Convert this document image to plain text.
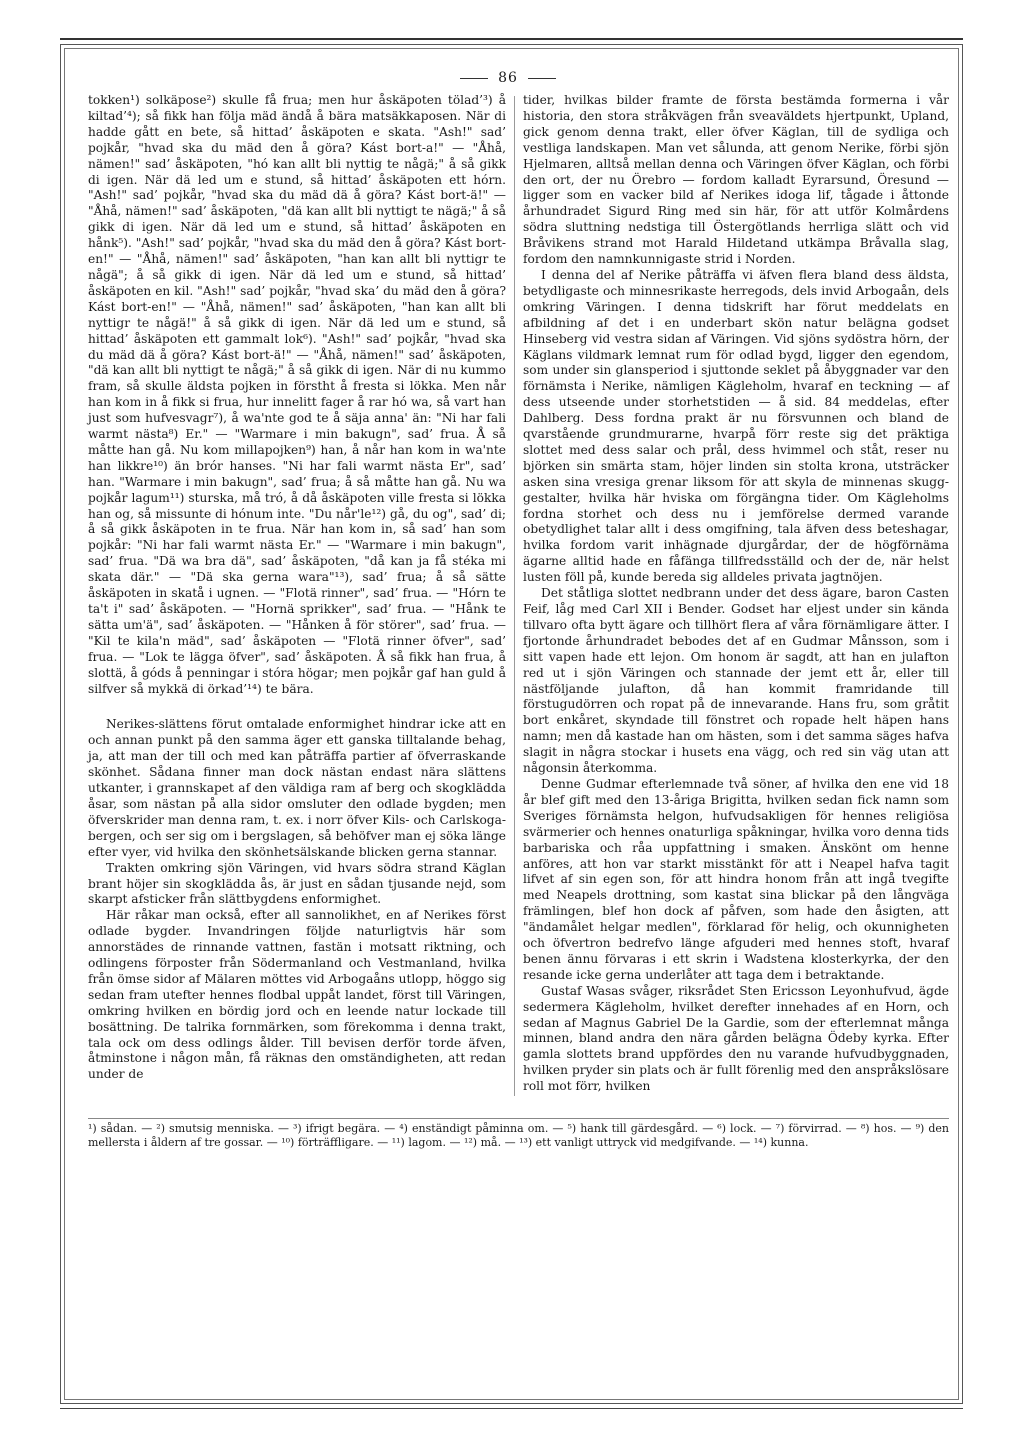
86

tokken¹) solkäpose²) skulle få frua; men hur åskäpoten tölad’³) å kiltad’⁴); så fikk han följa mäd ändå å bära matsäkkaposen. När di hadde gått en bete, så hittad’ åskäpoten e skata. "Ash!" sad’ pojkår, "hvad ska du mäd den å göra? Kást bort-a!" — "Åhå, nämen!" sad’ åskäpoten, "hó kan allt bli nyttig te någä;" å så gikk di igen. När dä led um e stund, så hittad’ åskäpoten ett hórn. "Ash!" sad’ pojkår, "hvad ska du mäd dä å göra? Kást bort-ä!" — "Åhå, nämen!" sad’ åskäpoten, "dä kan allt bli nyttigt te nägä;" å så gikk di igen. När dä led um e stund, så hittad’ åskäpoten en hånk⁵). "Ash!" sad’ pojkår, "hvad ska du mäd den å göra? Kást bort-en!" — "Åhå, nämen!" sad’ åskäpoten, "han kan allt bli nyttigr te någä"; å så gikk di igen. När dä led um e stund, så hittad’ åskäpoten en kil. "Ash!" sad’ pojkår, "hvad ska’ du mäd den å göra? Kást bort-en!" — "Åhå, nämen!" sad’ åskäpoten, "han kan allt bli nyttigr te någä!" å så gikk di igen. När dä led um e stund, så hittad’ åskäpoten ett gammalt lok⁶). "Ash!" sad’ pojkår, "hvad ska du mäd dä å göra? Kást bort-ä!" — "Åhå, nämen!" sad’ åskäpoten, "dä kan allt bli nyttigt te någä;" å så gikk di igen. När di nu kummo fram, så skulle äldsta pojken in förstht å fresta si lökka. Men når han kom in å fikk si frua, hur innelitt fager å rar hó wa, så vart han just som hufvesvagr⁷), å wa'nte god te å säja anna' än: "Ni har fali warmt nästa⁸) Er." — "Warmare i min bakugn", sad’ frua. Å så måtte han gå. Nu kom millapojken⁹) han, å når han kom in wa'nte han likkre¹⁰) än brór hanses. "Ni har fali warmt nästa Er", sad’ han. "Warmare i min bakugn", sad’ frua; å så måtte han gå. Nu wa pojkår lagum¹¹) sturska, må tró, å då åskäpoten ville fresta si lökka han og, så missunte di hónum inte. "Du når'le¹²) gå, du og", sad’ di; å så gikk åskäpoten in te frua. När han kom in, så sad’ han som pojkår: "Ni har fali warmt nästa Er." — "Warmare i min bakugn", sad’ frua. "Dä wa bra dä", sad’ åskäpoten, "då kan ja få stéka mi skata där." — "Dä ska gerna wara"¹³), sad’ frua; å så sätte åskäpoten in skatå i ugnen. — "Flotä rinner", sad’ frua. — "Hórn te ta't i" sad’ åskäpoten. — "Hornä sprikker", sad’ frua. — "Hånk te sätta um'ä", sad’ åskäpoten. — "Hånken å för störer", sad’ frua. — "Kil te kila'n mäd", sad’ åskäpoten — "Flotä rinner öfver", sad’ frua. — "Lok te lägga öfver", sad’ åskäpoten. Å så fikk han frua, å slottä, å góds å penningar i stóra högar; men pojkår gaf han guld å silfver så mykkä di örkad’¹⁴) te bära.

Nerikes-slättens förut omtalade enformighet hindrar icke att en och annan punkt på den samma äger ett ganska tilltalande behag, ja, att man der till och med kan påträffa partier af öfverraskande skönhet. Sådana finner man dock nästan endast nära slättens utkanter, i grannskapet af den väldiga ram af berg och skogklädda åsar, som nästan på alla sidor omsluter den odlade bygden; men öfverskrider man denna ram, t. ex. i norr öfver Kils- och Carlskoga-bergen, och ser sig om i bergslagen, så behöfver man ej söka länge efter vyer, vid hvilka den skönhetsälskande blicken gerna stannar.

Trakten omkring sjön Väringen, vid hvars södra strand Käglan brant höjer sin skogklädda ås, är just en sådan tjusande nejd, som skarpt afsticker från slättbygdens enformighet.

Här råkar man också, efter all sannolikhet, en af Nerikes först odlade bygder. Invandringen följde naturligtvis här som annorstädes de rinnande vattnen, fastän i motsatt riktning, och odlingens förposter från Södermanland och Vestmanland, hvilka från ömse sidor af Mälaren möttes vid Arbogaåns utlopp, höggo sig sedan fram utefter hennes flodbal uppåt landet, först till Väringen, omkring hvilken en bördig jord och en leende natur lockade till bosättning. De talrika fornmärken, som förekomma i denna trakt, tala ock om dess odlings ålder. Till bevisen derför torde äfven, åtminstone i någon mån, få räknas den omständigheten, att redan under de

tider, hvilkas bilder framte de första bestämda formerna i vår historia, den stora stråkvägen från sveaväldets hjertpunkt, Upland, gick genom denna trakt, eller öfver Käglan, till de sydliga och vestliga landskapen. Man vet sålunda, att genom Nerike, förbi sjön Hjelmaren, alltså mellan denna och Väringen öfver Käglan, och förbi den ort, der nu Örebro — fordom kalladt Eyrarsund, Öresund — ligger som en vacker bild af Nerikes idoga lif, tågade i åttonde århundradet Sigurd Ring med sin här, för att utför Kolmårdens södra sluttning nedstiga till Östergötlands herrliga slätt och vid Bråvikens strand mot Harald Hildetand utkämpa Bråvalla slag, fordom den namnkunnigaste strid i Norden.

I denna del af Nerike påträffa vi äfven flera bland dess äldsta, betydligaste och minnesrikaste herregods, dels invid Arbogaån, dels omkring Väringen. I denna tidskrift har förut meddelats en afbildning af det i en underbart skön natur belägna godset Hinseberg vid vestra sidan af Väringen. Vid sjöns sydöstra hörn, der Käglans vildmark lemnat rum för odlad bygd, ligger den egendom, som under sin glansperiod i sjuttonde seklet på åbyggnader var den förnämsta i Nerike, nämligen Kägleholm, hvaraf en teckning — af dess utseende under storhetstiden — å sid. 84 meddelas, efter Dahlberg. Dess fordna prakt är nu försvunnen och bland de qvarstående grundmurarne, hvarpå förr reste sig det präktiga slottet med dess salar och prål, dess hvimmel och ståt, reser nu björken sin smärta stam, höjer linden sin stolta krona, utsträcker asken sina vresiga grenar liksom för att skyla de minnenas skugg-gestalter, hvilka här hviska om förgängna tider. Om Kägleholms fordna storhet och dess nu i jemförelse dermed varande obetydlighet talar allt i dess omgifning, tala äfven dess beteshagar, hvilka fordom varit inhägnade djurgårdar, der de högförnäma ägarne alltid hade en fåfänga tillfredsställd och der de, när helst lusten föll på, kunde bereda sig alldeles privata jagtnöjen.

Det ståtliga slottet nedbrann under det dess ägare, baron Casten Feif, låg med Carl XII i Bender. Godset har eljest under sin kända tillvaro ofta bytt ägare och tillhört flera af våra förnämligare ätter. I fjortonde århundradet bebodes det af en Gudmar Månsson, som i sitt vapen hade ett lejon. Om honom är sagdt, att han en julafton red ut i sjön Väringen och stannade der jemt ett år, eller till nästföljande julafton, då han kommit framridande till förstugudörren och ropat på de innevarande. Hans fru, som gråtit bort enkåret, skyndade till fönstret och ropade helt häpen hans namn; men då kastade han om hästen, som i det samma säges hafva slagit in några stockar i husets ena vägg, och red sin väg utan att någonsin återkomma.

Denne Gudmar efterlemnade två söner, af hvilka den ene vid 18 år blef gift med den 13-åriga Brigitta, hvilken sedan fick namn som Sveriges förnämsta helgon, hufvudsakligen för hennes religiösa svärmerier och hennes onaturliga spåkningar, hvilka voro denna tids barbariska och råa uppfattning i smaken. Änskönt om henne anföres, att hon var starkt misstänkt för att i Neapel hafva tagit lifvet af sin egen son, för att hindra honom från att ingå tvegifte med Neapels drottning, som kastat sina blickar på den långväga främlingen, blef hon dock af påfven, som hade den åsigten, att "ändamålet helgar medlen", förklarad för helig, och okunnigheten och öfvertron bedrefvo länge afguderi med hennes stoft, hvaraf benen ännu förvaras i ett skrin i Wadstena klosterkyrka, der den resande icke gerna underlåter att taga dem i betraktande.

Gustaf Wasas svåger, riksrådet Sten Ericsson Leyonhufvud, ägde sedermera Kägleholm, hvilket derefter innehades af en Horn, och sedan af Magnus Gabriel De la Gardie, som der efterlemnat många minnen, bland andra den nära gården belägna Ödeby kyrka. Efter gamla slottets brand uppfördes den nu varande hufvudbyggnaden, hvilken pryder sin plats och är fullt förenlig med den anspråkslösare roll mot förr, hvilken

¹) sådan. — ²) smutsig menniska. — ³) ifrigt begära. — ⁴) enständigt påminna om. — ⁵) hank till gärdesgård. — ⁶) lock. — ⁷) förvirrad. — ⁸) hos. — ⁹) den mellersta i åldern af tre gossar. — ¹⁰) förträffligare. — ¹¹) lagom. — ¹²) må. — ¹³) ett vanligt uttryck vid medgifvande. — ¹⁴) kunna.
